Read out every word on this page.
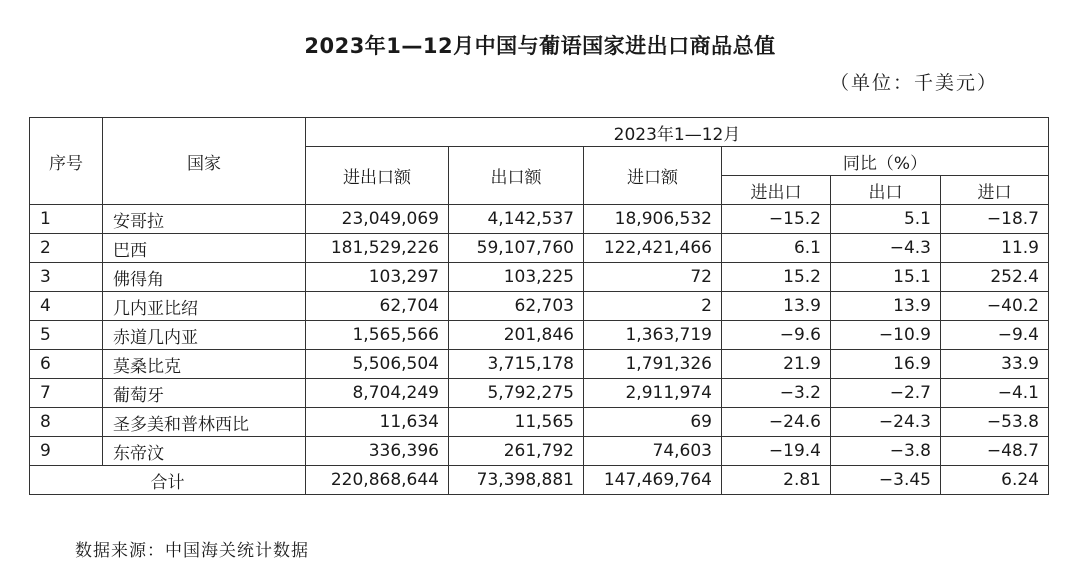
2023年1—12月中国与葡语国家进出口商品总值
（单位：千美元）
序号	国家	2023年1—12月					
		进出口额	出口额	进口额	同比（%）		
					进出口	出口	进口
1	安哥拉	23,049,069	4,142,537	18,906,532	−15.2	5.1	−18.7
2	巴西	181,529,226	59,107,760	122,421,466	6.1	−4.3	11.9
3	佛得角	103,297	103,225	72	15.2	15.1	252.4
4	几内亚比绍	62,704	62,703	2	13.9	13.9	−40.2
5	赤道几内亚	1,565,566	201,846	1,363,719	−9.6	−10.9	−9.4
6	莫桑比克	5,506,504	3,715,178	1,791,326	21.9	16.9	33.9
7	葡萄牙	8,704,249	5,792,275	2,911,974	−3.2	−2.7	−4.1
8	圣多美和普林西比	11,634	11,565	69	−24.6	−24.3	−53.8
9	东帝汶	336,396	261,792	74,603	−19.4	−3.8	−48.7
合计		220,868,644	73,398,881	147,469,764	2.81	−3.45	6.24
数据来源：中国海关统计数据
